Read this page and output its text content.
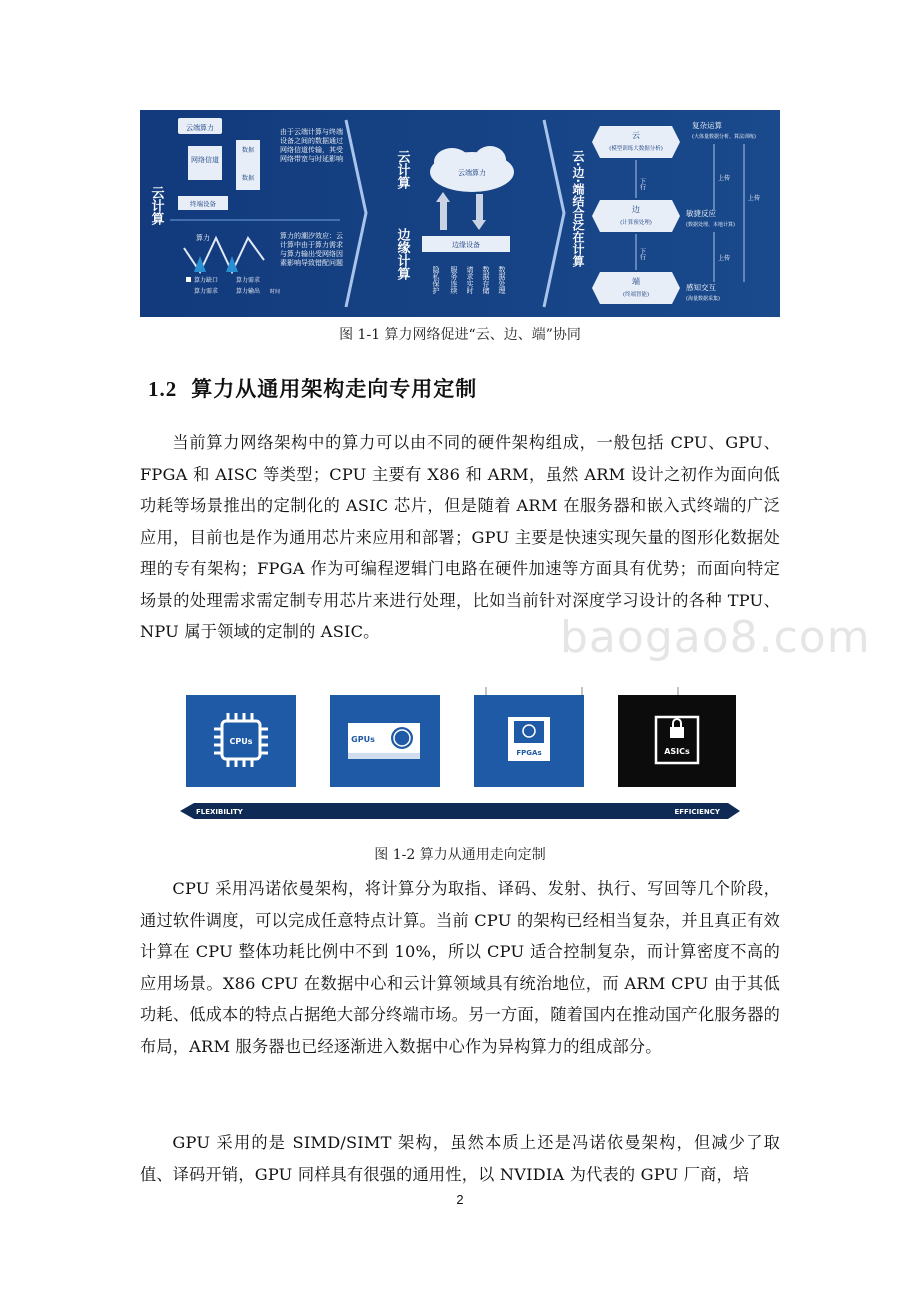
云计算
云端算力
网络信道
数据
数据
终端设备
由于云端计算与终端设备之间的数据通过网络信道传输，其受网络带宽与时延影响
算力
算力缺口
算力需求
算力需求
算力输出 时间
算力的潮汐效应：云计算中由于算力需求与算力输出受网络因素影响导致错配问题
云计算
边缘计算
云端算力
边缘设备
隐私保护 服务连续 请求实时 数据存储 数据处理
云·边·端结合泛在计算
云
(模型训练大数据分析)
边
(计算预处理)
端
(终端智能)
下行
下行
复杂运算
(大体量数据分析、算法训练)
敏捷反应
(数据处理、本地计算)
感知交互
(海量数据采集)
上传
上传
上传
图 1-1 算力网络促进“云、边、端”协同
1.2 算力从通用架构走向专用定制
当前算力网络架构中的算力可以由不同的硬件架构组成，一般包括 CPU、GPU、FPGA 和 AISC 等类型；CPU 主要有 X86 和 ARM，虽然 ARM 设计之初作为面向低功耗等场景推出的定制化的 ASIC 芯片，但是随着 ARM 在服务器和嵌入式终端的广泛应用，目前也是作为通用芯片来应用和部署；GPU 主要是快速实现矢量的图形化数据处理的专有架构；FPGA 作为可编程逻辑门电路在硬件加速等方面具有优势；而面向特定场景的处理需求需定制专用芯片来进行处理，比如当前针对深度学习设计的各种 TPU、NPU 属于领域的定制的 ASIC。	baogao8.com
CPUs	GPUs
FPGAs	ASICs
FLEXIBILITY	EFFICIENCY
图 1-2 算力从通用走向定制
CPU 采用冯诺依曼架构，将计算分为取指、译码、发射、执行、写回等几个阶段，通过软件调度，可以完成任意特点计算。当前 CPU 的架构已经相当复杂，并且真正有效计算在 CPU 整体功耗比例中不到 10%，所以 CPU 适合控制复杂，而计算密度不高的应用场景。X86 CPU 在数据中心和云计算领域具有统治地位，而 ARM CPU 由于其低功耗、低成本的特点占据绝大部分终端市场。另一方面，随着国内在推动国产化服务器的布局，ARM 服务器也已经逐渐进入数据中心作为异构算力的组成部分。
GPU 采用的是 SIMD/SIMT 架构，虽然本质上还是冯诺依曼架构，但减少了取值、译码开销，GPU 同样具有很强的通用性，以 NVIDIA 为代表的 GPU 厂商，培
2
